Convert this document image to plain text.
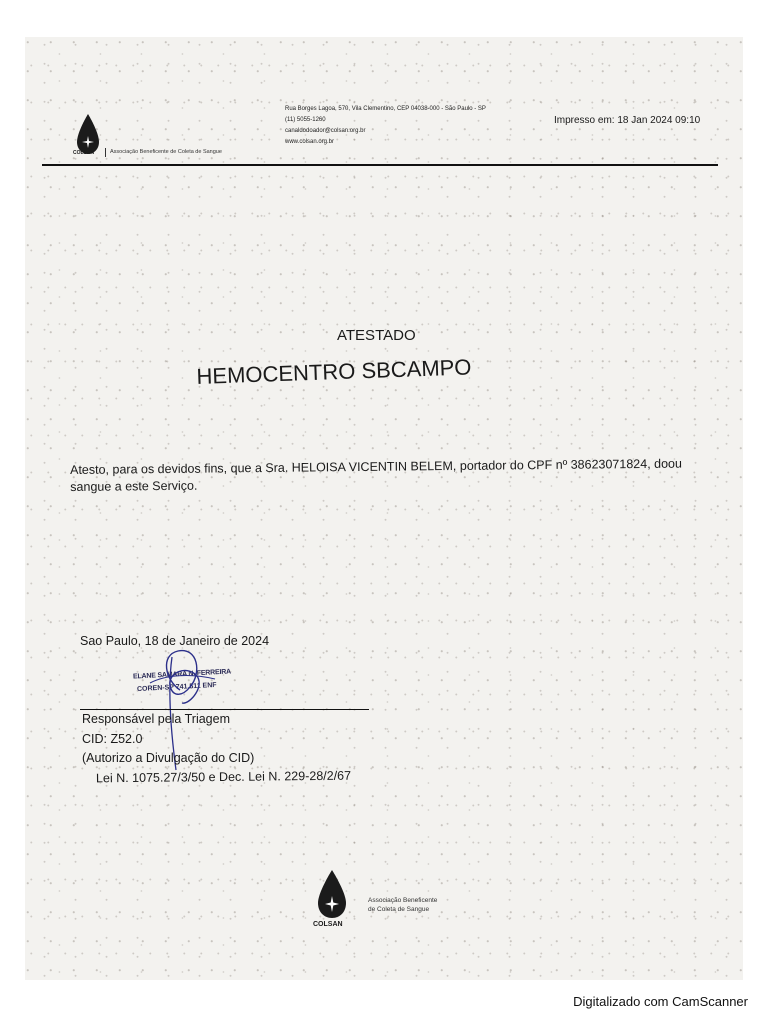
COLSAN	Associação Beneficente de Coleta de Sangue
Rua Borges Lagoa, 570, Vila Clementino, CEP 04038-000 - São Paulo - SP
(11) 5055-1260
canaldodoador@colsan.org.br
www.colsan.org.br
Impresso em: 18 Jan 2024 09:10
ATESTADO
HEMOCENTRO SBCAMPO
Atesto, para os devidos fins, que a Sra. HELOISA VICENTIN BELEM, portador do CPF nº 38623071824, doou sangue a este Serviço.
Sao Paulo, 18 de Janeiro de 2024
ELANE SAMARA N. FERREIRA
COREN-SP 741.511 ENF
Responsável pela Triagem
CID: Z52.0
(Autorizo a Divulgação do CID)
Lei N. 1075.27/3/50 e Dec. Lei N. 229-28/2/67
COLSAN
Associação Beneficente
de Coleta de Sangue
Digitalizado com CamScanner
